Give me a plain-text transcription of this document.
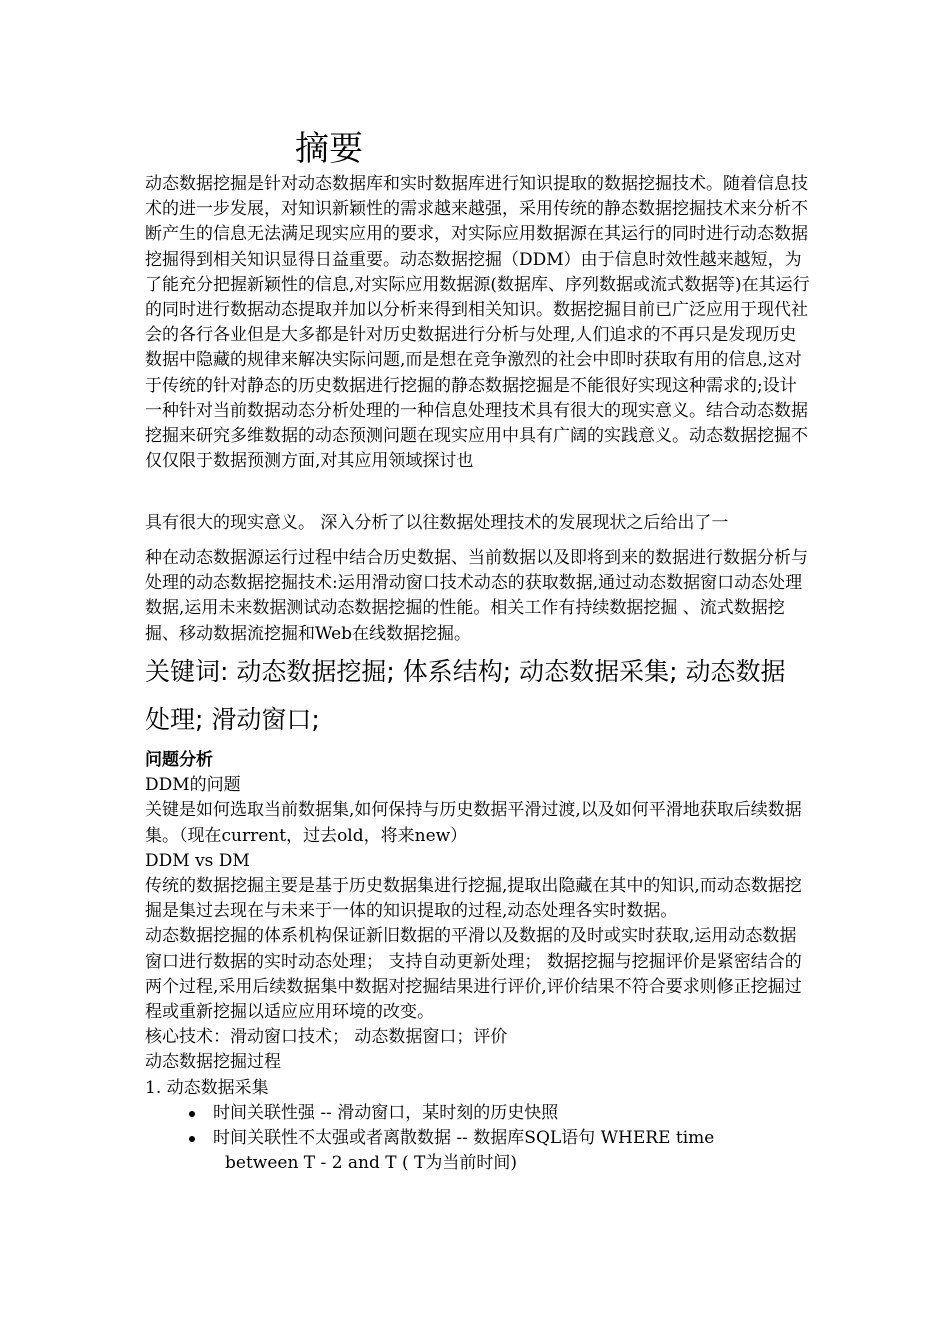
摘要

动态数据挖掘是针对动态数据库和实时数据库进行知识提取的数据挖掘技术。随着信息技术的进一步发展，对知识新颖性的需求越来越强，采用传统的静态数据挖掘技术来分析不断产生的信息无法满足现实应用的要求，对实际应用数据源在其运行的同时进行动态数据挖掘得到相关知识显得日益重要。动态数据挖掘（DDM）由于信息时效性越来越短，为了能充分把握新颖性的信息,对实际应用数据源(数据库、序列数据或流式数据等)在其运行的同时进行数据动态提取并加以分析来得到相关知识。数据挖掘目前已广泛应用于现代社会的各行各业但是大多都是针对历史数据进行分析与处理,人们追求的不再只是发现历史数据中隐藏的规律来解决实际问题,而是想在竞争激烈的社会中即时获取有用的信息,这对于传统的针对静态的历史数据进行挖掘的静态数据挖掘是不能很好实现这种需求的;设计一种针对当前数据动态分析处理的一种信息处理技术具有很大的现实意义。结合动态数据挖掘来研究多维数据的动态预测问题在现实应用中具有广阔的实践意义。动态数据挖掘不仅仅限于数据预测方面,对其应用领域探讨也

具有很大的现实意义。 深入分析了以往数据处理技术的发展现状之后给出了一

种在动态数据源运行过程中结合历史数据、当前数据以及即将到来的数据进行数据分析与处理的动态数据挖掘技术:运用滑动窗口技术动态的获取数据,通过动态数据窗口动态处理数据,运用未来数据测试动态数据挖掘的性能。相关工作有持续数据挖掘 、流式数据挖掘、移动数据流挖掘和Web在线数据挖掘。

关键词: 动态数据挖掘; 体系结构; 动态数据采集; 动态数据处理; 滑动窗口;

问题分析
DDM的问题
关键是如何选取当前数据集,如何保持与历史数据平滑过渡,以及如何平滑地获取后续数据集。（现在current，过去old，将来new）
DDM vs DM
传统的数据挖掘主要是基于历史数据集进行挖掘,提取出隐藏在其中的知识,而动态数据挖掘是集过去现在与未来于一体的知识提取的过程,动态处理各实时数据。
动态数据挖掘的体系机构保证新旧数据的平滑以及数据的及时或实时获取,运用动态数据窗口进行数据的实时动态处理； 支持自动更新处理； 数据挖掘与挖掘评价是紧密结合的两个过程,采用后续数据集中数据对挖掘结果进行评价,评价结果不符合要求则修正挖掘过程或重新挖掘以适应应用环境的改变。
核心技术：滑动窗口技术； 动态数据窗口；评价
动态数据挖掘过程
1. 动态数据采集
时间关联性强 -- 滑动窗口，某时刻的历史快照
时间关联性不太强或者离散数据 -- 数据库SQL语句 WHERE time
between T - 2 and T ( T为当前时间)
